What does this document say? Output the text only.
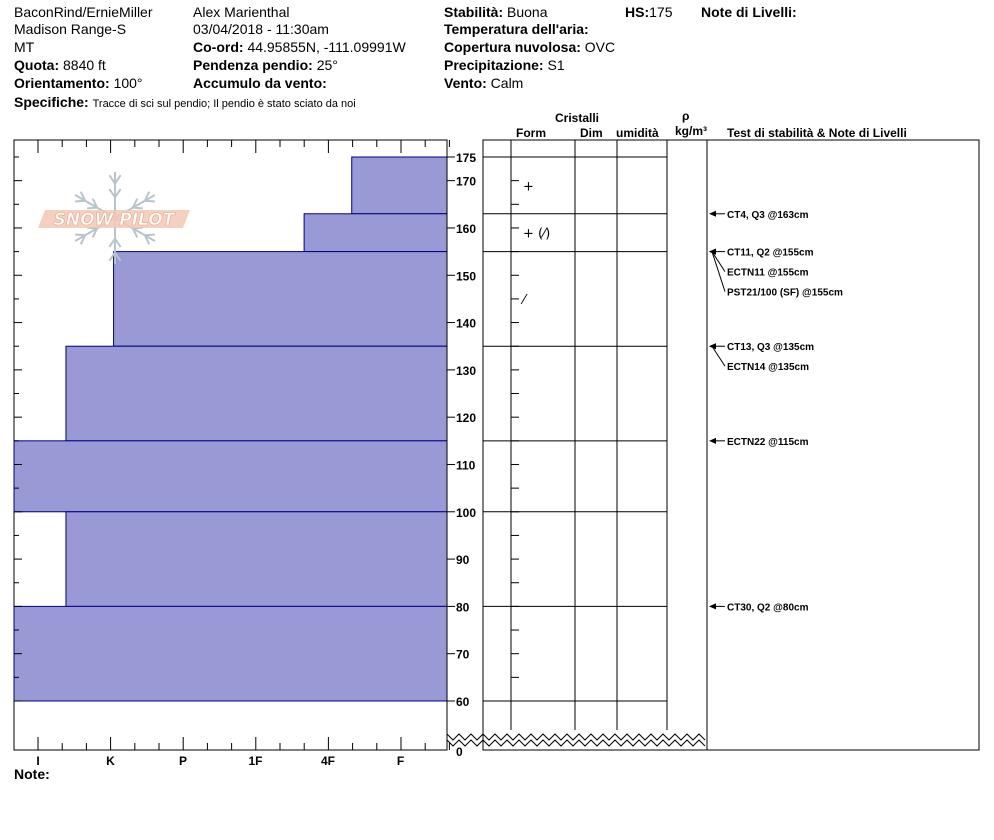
BaconRind/ErnieMiller
Madison Range-S
MT
Quota: 8840 ft
Orientamento: 100°
Specifiche: Tracce di sci sul pendio; Il pendio è stato sciato da noi
Alex Marienthal
03/04/2018 - 11:30am
Co-ord: 44.95855N, -111.09991W
Pendenza pendio: 25°
Accumulo da vento:
Stabilità: Buona	HS:175 Note di Livelli:
Temperatura dell'aria:
Copertura nuvolosa: OVC
Precipitazione: S1
Vento: Calm
Cristalli
Form	Dim umidità
ρ
kg/m³ Test di stabilità & Note di Livelli
I	K	P	1F	4F	F
SNOW PILOT
60
70
80
90
100
110
120
130
140
150
160
170
175
0
+
+ (⁄)
⁄
CT4, Q3 @163cm
CT11, Q2 @155cm
ECTN11 @155cm
PST21/100 (SF) @155cm
CT13, Q3 @135cm
ECTN14 @135cm
ECTN22 @115cm
CT30, Q2 @80cm
Note:
